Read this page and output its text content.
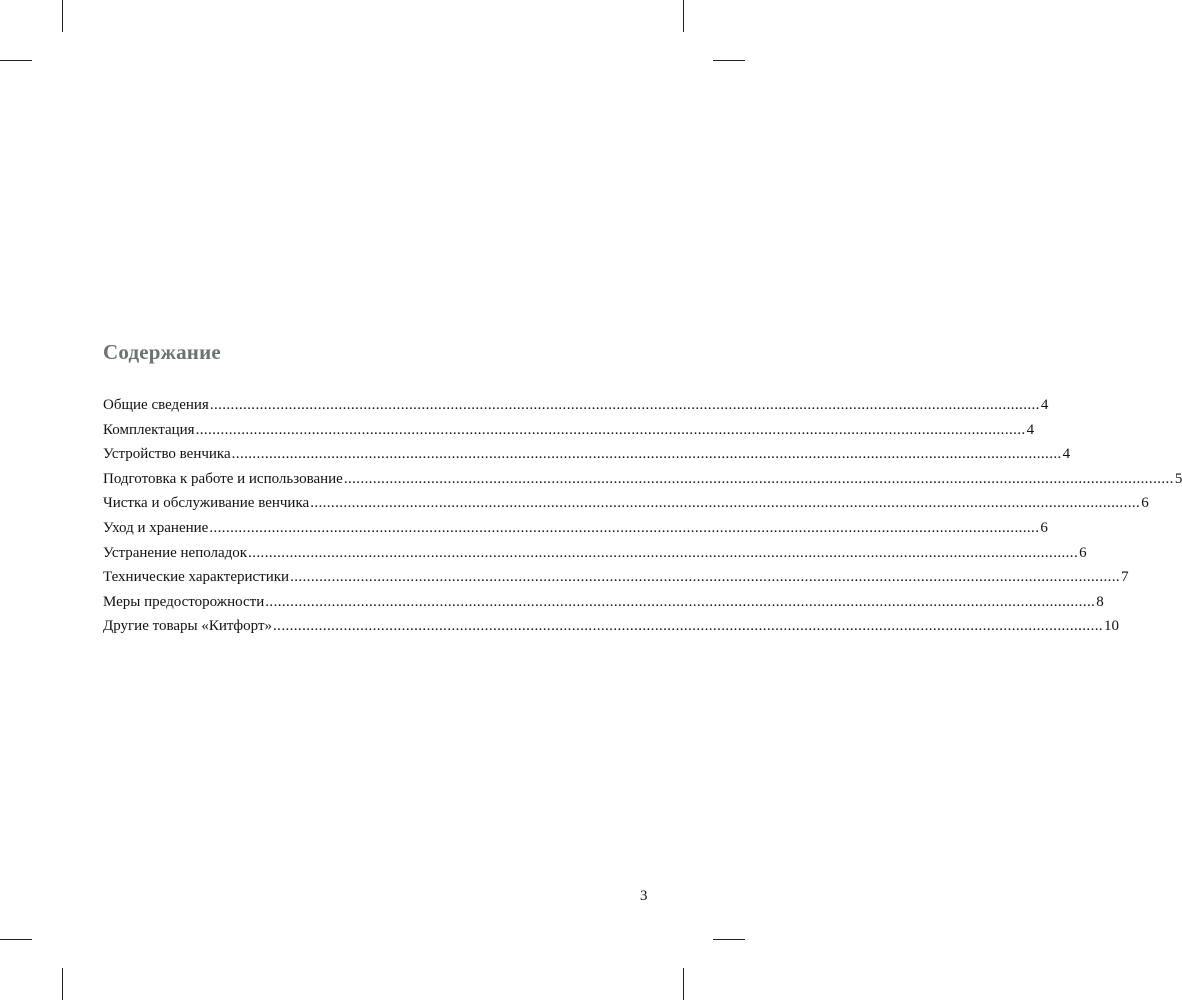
Содержание
Общие сведения ........................................................................................................................................................................................................ 4
Комплектация ........................................................................................................................................................................................................ 4
Устройство венчика ........................................................................................................................................................................................................ 4
Подготовка к работе и использование ........................................................................................................................................................................................................ 5
Чистка и обслуживание венчика ........................................................................................................................................................................................................ 6
Уход и хранение ........................................................................................................................................................................................................ 6
Устранение неполадок ........................................................................................................................................................................................................ 6
Технические характеристики ........................................................................................................................................................................................................ 7
Меры предосторожности ........................................................................................................................................................................................................ 8
Другие товары «Китфорт» ........................................................................................................................................................................................................ 10
3
